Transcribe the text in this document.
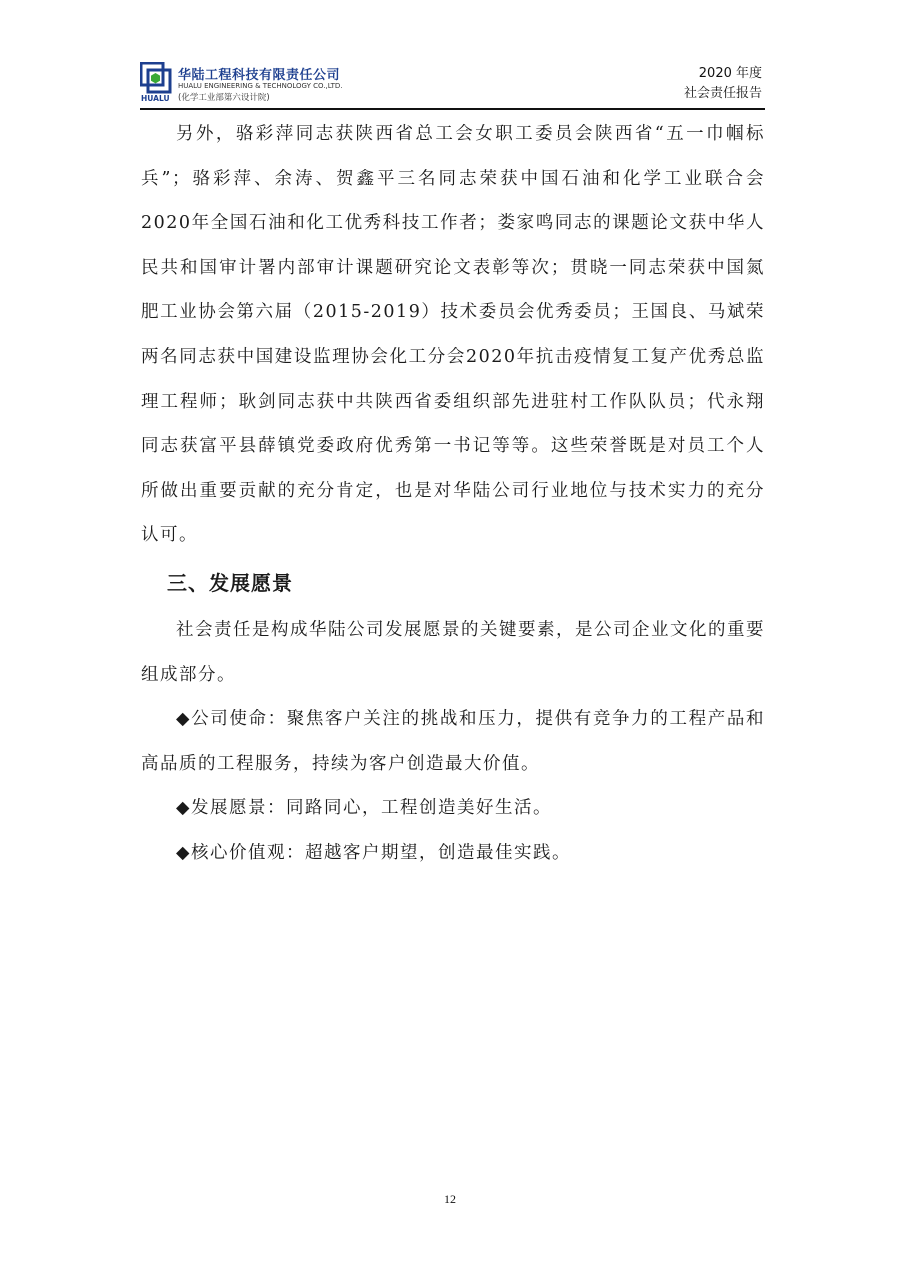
HUALU
华陆工程科技有限责任公司
HUALU ENGINEERING & TECHNOLOGY CO.,LTD.
(化学工业部第六设计院)
2020 年度
社会责任报告

另外，骆彩萍同志获陕西省总工会女职工委员会陕西省“五一巾帼标兵”；骆彩萍、余涛、贺鑫平三名同志荣获中国石油和化学工业联合会2020年全国石油和化工优秀科技工作者；娄家鸣同志的课题论文获中华人民共和国审计署内部审计课题研究论文表彰等次；贯晓一同志荣获中国氮肥工业协会第六届（2015-2019）技术委员会优秀委员；王国良、马斌荣两名同志获中国建设监理协会化工分会2020年抗击疫情复工复产优秀总监理工程师；耿剑同志获中共陕西省委组织部先进驻村工作队队员；代永翔同志获富平县薛镇党委政府优秀第一书记等等。这些荣誉既是对员工个人所做出重要贡献的充分肯定，也是对华陆公司行业地位与技术实力的充分认可。

三、发展愿景

社会责任是构成华陆公司发展愿景的关键要素，是公司企业文化的重要组成部分。

◆公司使命：聚焦客户关注的挑战和压力，提供有竞争力的工程产品和高品质的工程服务，持续为客户创造最大价值。

◆发展愿景：同路同心，工程创造美好生活。

◆核心价值观：超越客户期望，创造最佳实践。

12
